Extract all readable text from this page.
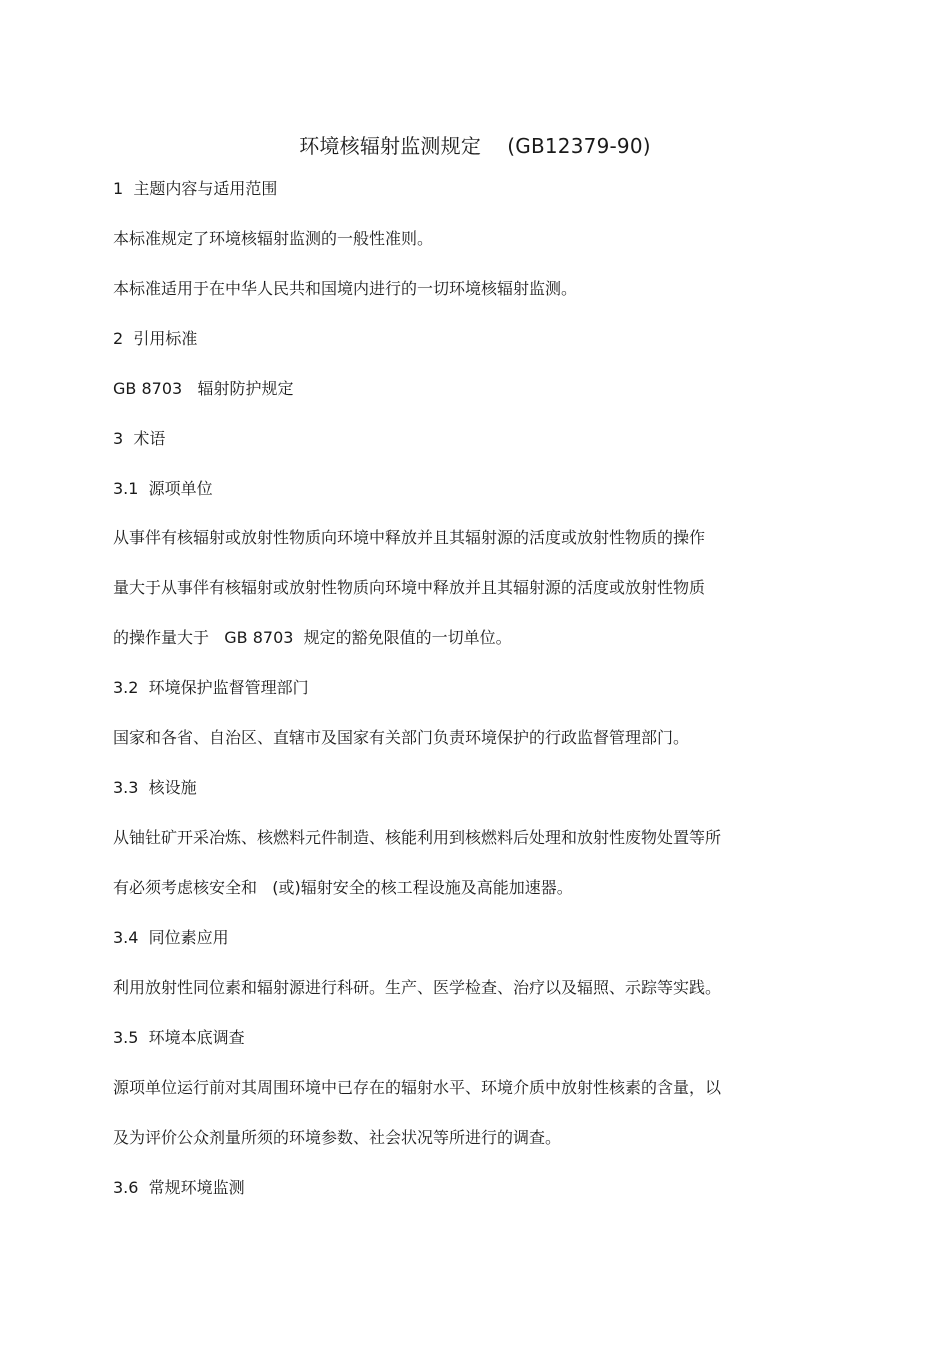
环境核辐射监测规定    (GB12379-90)
1  主题内容与适用范围
本标准规定了环境核辐射监测的一般性准则。
本标准适用于在中华人民共和国境内进行的一切环境核辐射监测。
2  引用标准
GB 8703   辐射防护规定
3  术语
3.1  源项单位
从事伴有核辐射或放射性物质向环境中释放并且其辐射源的活度或放射性物质的操作
量大于从事伴有核辐射或放射性物质向环境中释放并且其辐射源的活度或放射性物质
的操作量大于   GB 8703  规定的豁免限值的一切单位。
3.2  环境保护监督管理部门
国家和各省、自治区、直辖市及国家有关部门负责环境保护的行政监督管理部门。
3.3  核设施
从铀钍矿开采冶炼、核燃料元件制造、核能利用到核燃料后处理和放射性废物处置等所
有必须考虑核安全和   (或)辐射安全的核工程设施及高能加速器。
3.4  同位素应用
利用放射性同位素和辐射源进行科研。生产、医学检查、治疗以及辐照、示踪等实践。
3.5  环境本底调查
源项单位运行前对其周围环境中已存在的辐射水平、环境介质中放射性核素的含量，以
及为评价公众剂量所须的环境参数、社会状况等所进行的调查。
3.6  常规环境监测
